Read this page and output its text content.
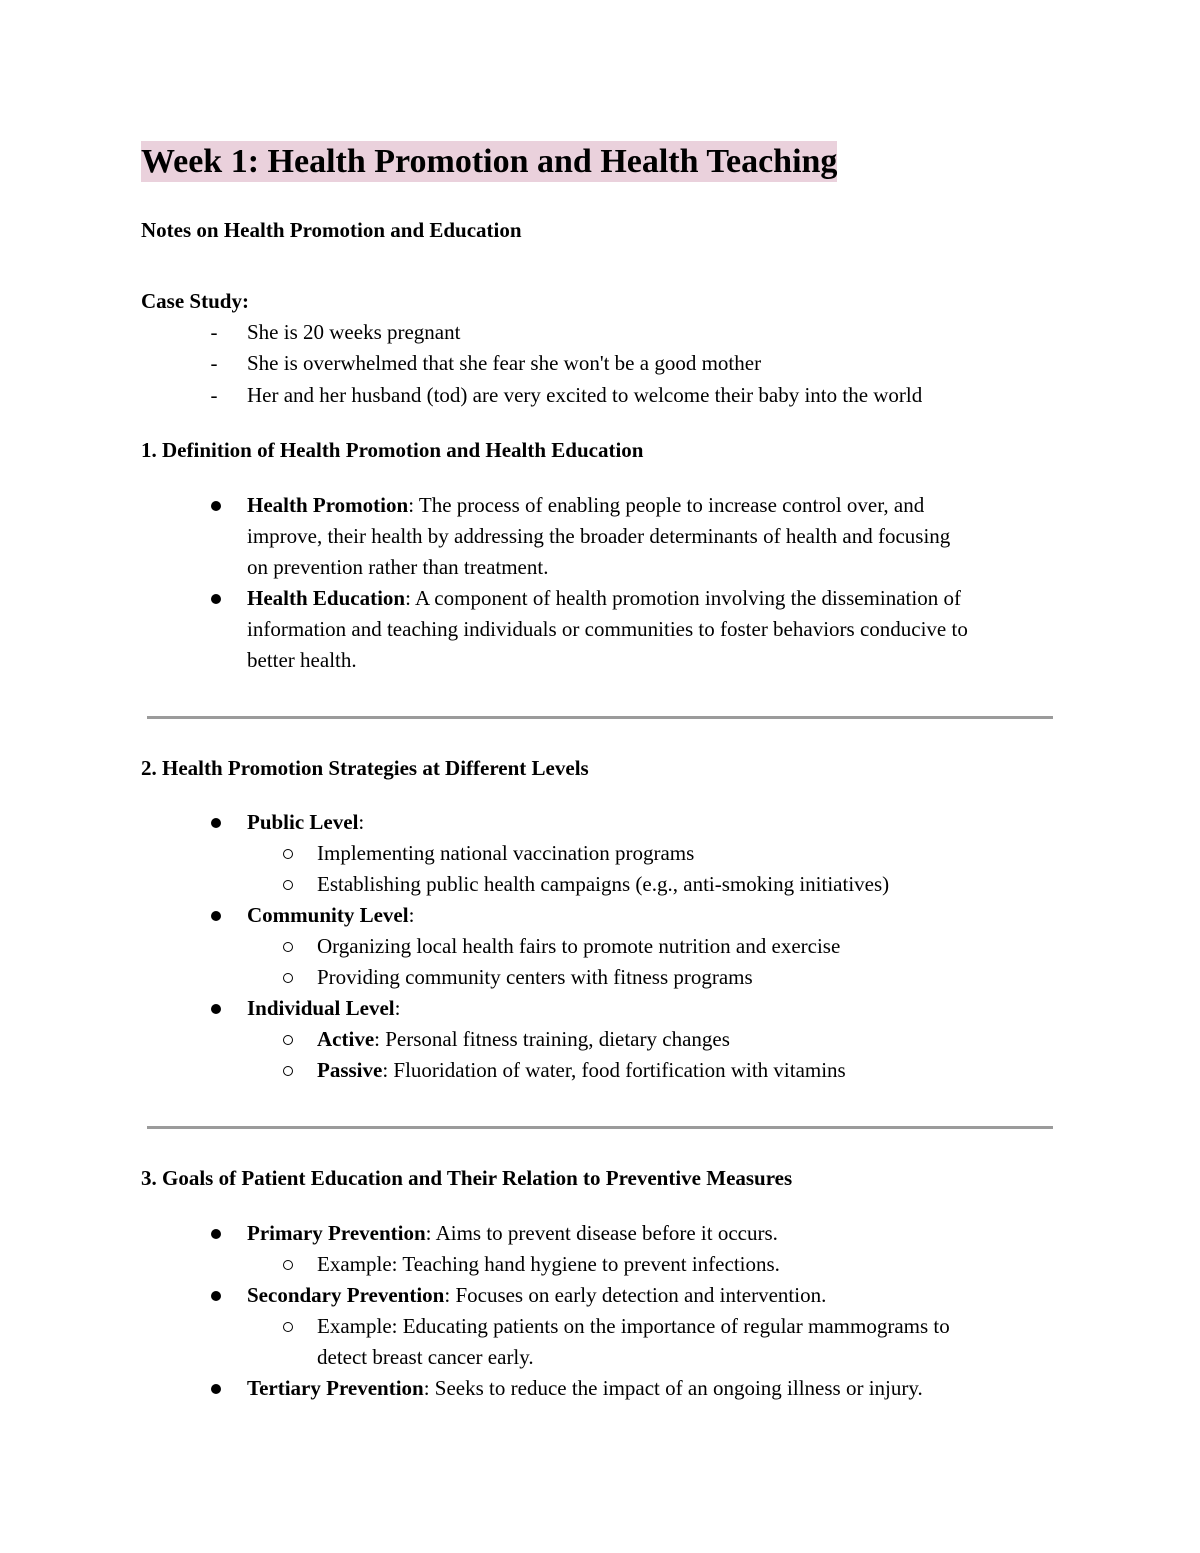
Week 1: Health Promotion and Health Teaching
Notes on Health Promotion and Education
Case Study:
-	She is 20 weeks pregnant
-	She is overwhelmed that she fear she won't be a good mother
-	Her and her husband (tod) are very excited to welcome their baby into the world
1. Definition of Health Promotion and Health Education
Health Promotion: The process of enabling people to increase control over, and
improve, their health by addressing the broader determinants of health and focusing
on prevention rather than treatment.
Health Education: A component of health promotion involving the dissemination of
information and teaching individuals or communities to foster behaviors conducive to
better health.
2. Health Promotion Strategies at Different Levels
Public Level:
Implementing national vaccination programs
Establishing public health campaigns (e.g., anti-smoking initiatives)
Community Level:
Organizing local health fairs to promote nutrition and exercise
Providing community centers with fitness programs
Individual Level:
Active: Personal fitness training, dietary changes
Passive: Fluoridation of water, food fortification with vitamins
3. Goals of Patient Education and Their Relation to Preventive Measures
Primary Prevention: Aims to prevent disease before it occurs.
Example: Teaching hand hygiene to prevent infections.
Secondary Prevention: Focuses on early detection and intervention.
Example: Educating patients on the importance of regular mammograms to
detect breast cancer early.
Tertiary Prevention: Seeks to reduce the impact of an ongoing illness or injury.
